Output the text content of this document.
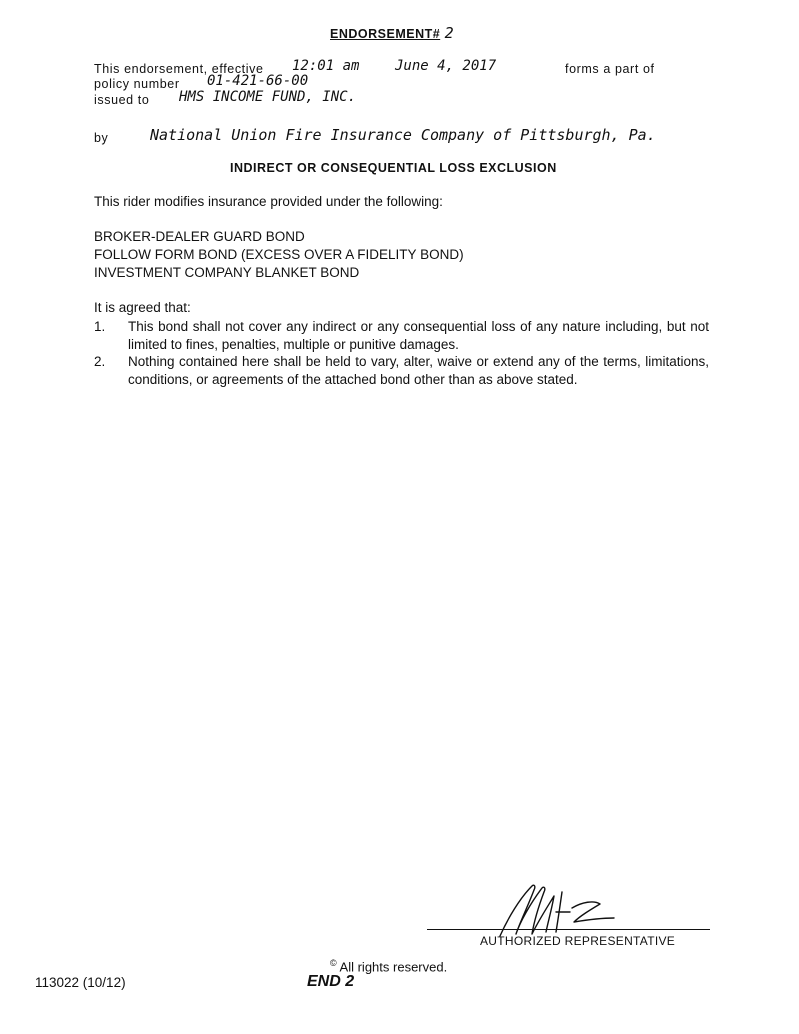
ENDORSEMENT# 2
This endorsement, effective 12:01 am	June 4, 2017	forms a part of
policy number 01-421-66-00
issued to HMS INCOME FUND, INC.
by	National Union Fire Insurance Company of Pittsburgh, Pa.
INDIRECT OR CONSEQUENTIAL LOSS EXCLUSION
This rider modifies insurance provided under the following:
BROKER-DEALER GUARD BOND
FOLLOW FORM BOND (EXCESS OVER A FIDELITY BOND)
INVESTMENT COMPANY BLANKET BOND
It is agreed that:
1. This bond shall not cover any indirect or any consequential loss of any nature including, but not limited to fines, penalties, multiple or punitive damages.
2. Nothing contained here shall be held to vary, alter, waive or extend any of the terms, limitations, conditions, or agreements of the attached bond other than as above stated.
AUTHORIZED REPRESENTATIVE
© All rights reserved.
113022 (10/12)	END 2
